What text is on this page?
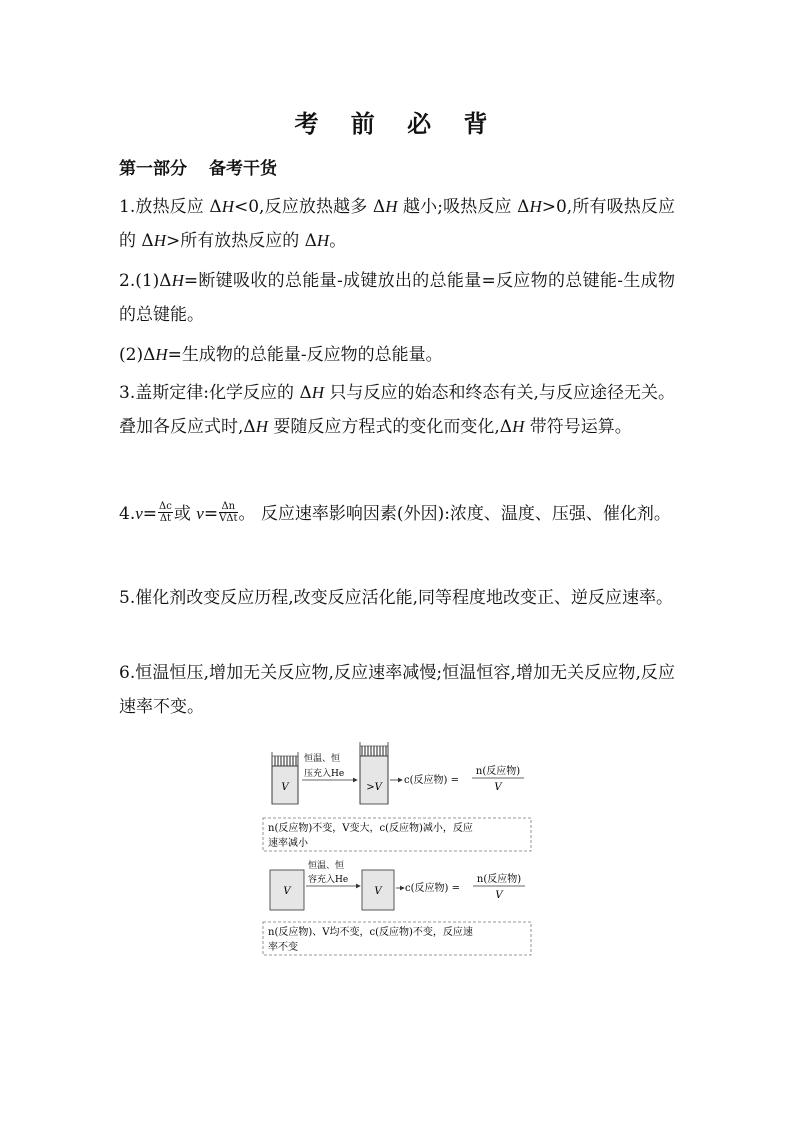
考 前 必 背
第一部分 备考干货
1.放热反应 ΔH<0,反应放热越多 ΔH 越小;吸热反应 ΔH>0,所有吸热反应的 ΔH>所有放热反应的 ΔH。
2.(1)ΔH=断键吸收的总能量-成键放出的总能量=反应物的总键能-生成物的总键能。
(2)ΔH=生成物的总能量-反应物的总能量。
3.盖斯定律:化学反应的 ΔH 只与反应的始态和终态有关,与反应途径无关。叠加各反应式时,ΔH 要随反应方程式的变化而变化,ΔH 带符号运算。
$4.v= \frac{\Delta c}{\Delta t}$ 或 $v= \frac{\Delta n}{\text{VΔt}}$ 。 反应速率影响因素(外因):浓度、温度、压强、催化剂。
5.催化剂改变反应历程,改变反应活化能,同等程度地改变正、逆反应速率。
6.恒温恒压,增加无关反应物,反应速率减慢;恒温恒容,增加无关反应物,反应速率不变。
V
恒温、恒
压充入He
>V
c(反应物) =
n(反应物)
V
n(反应物)不变，V变大，c(反应物)减小，反应
速率减小
V
恒温、恒
容充入He
V c(反应物) =
n(反应物)
V
n(反应物)、V均不变，c(反应物)不变，反应速
率不变
